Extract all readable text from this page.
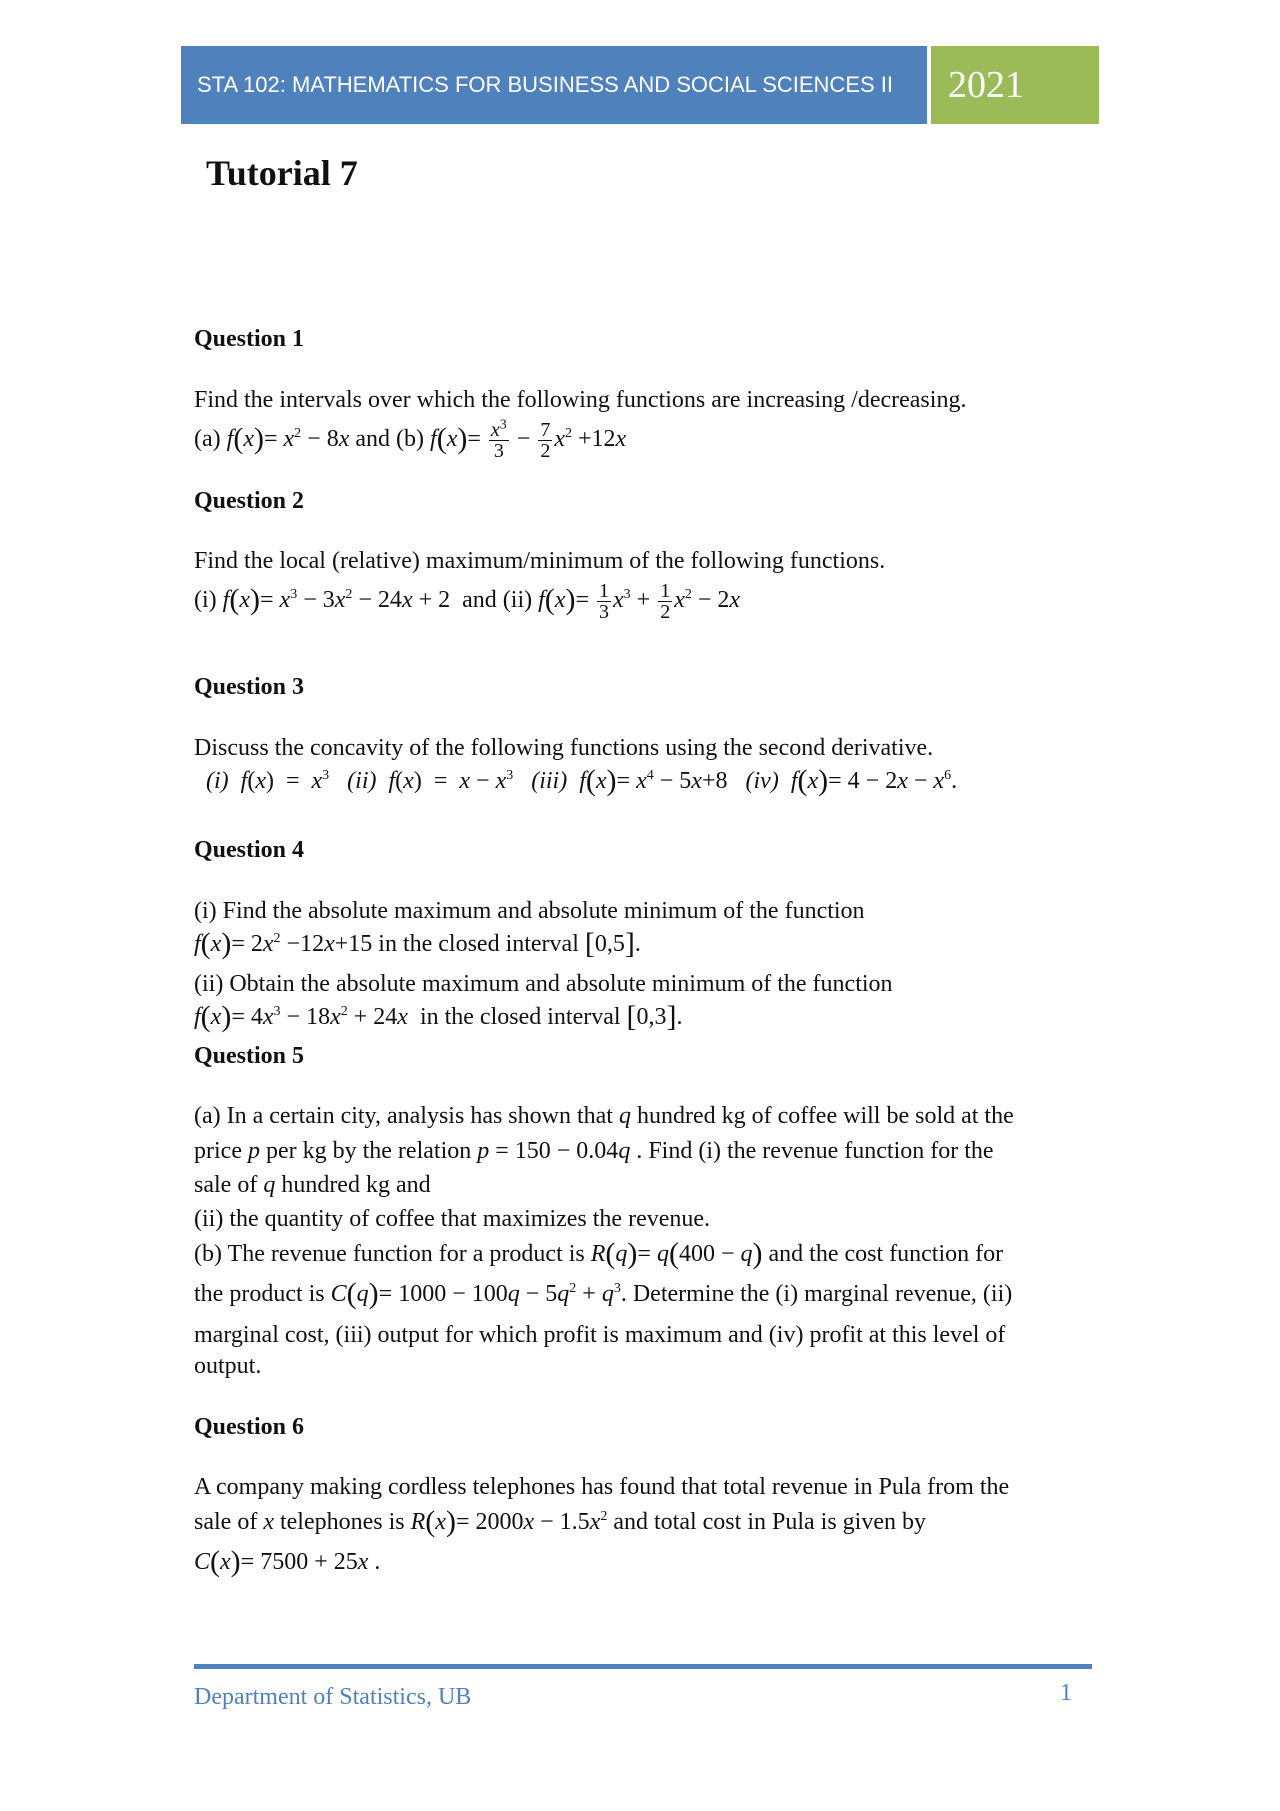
STA 102: MATHEMATICS FOR BUSINESS AND SOCIAL SCIENCES II	2021
Tutorial 7
Question 1
Find the intervals over which the following functions are increasing /decreasing.
(a) $f(x)= x^2 - 8x$ and (b) $f(x)= \frac{x^3}{3} - \frac{7}{2} x^2 +12x$
Question 2
Find the local (relative) maximum/minimum of the following functions.
(i) $f(x)= x^3 - 3x^2 - 24x + 2$  and (ii) $f(x)= \frac{1}{3} x^3 + \frac{1}{2} x^2 - 2x$
Question 3
Discuss the concavity of the following functions using the second derivative.
(i) $f(x) = x^3$ (ii) $f(x) = x - x^3$ (iii) $f(x)= x^4 - 5x+8$   (iv) $f(x)= 4 - 2x - x^6$.
Question 4
(i) Find the absolute maximum and absolute minimum of the function
$f(x)= 2x^2 -12x+15$ in the closed interval [0,5].
(ii) Obtain the absolute maximum and absolute minimum of the function
$f(x)= 4x^3 - 18x^2 + 24x$  in the closed interval [0,3].
Question 5
(a) In a certain city, analysis has shown that q hundred kg of coffee will be sold at the
price p per kg by the relation p = 150 − 0.04q . Find (i) the revenue function for the
sale of q hundred kg and
(ii) the quantity of coffee that maximizes the revenue.
(b) The revenue function for a product is R(q)= q(400 − q) and the cost function for
the product is $C(q)= 1000 - 100q - 5q^2 + q^3$. Determine the (i) marginal revenue, (ii)
marginal cost, (iii) output for which profit is maximum and (iv) profit at this level of
output.
Question 6
A company making cordless telephones has found that total revenue in Pula from the
sale of x telephones is $R(x)= 2000x - 1.5x^2$ and total cost in Pula is given by
C(x)= 7500 + 25x .
Department of Statistics, UB	1
